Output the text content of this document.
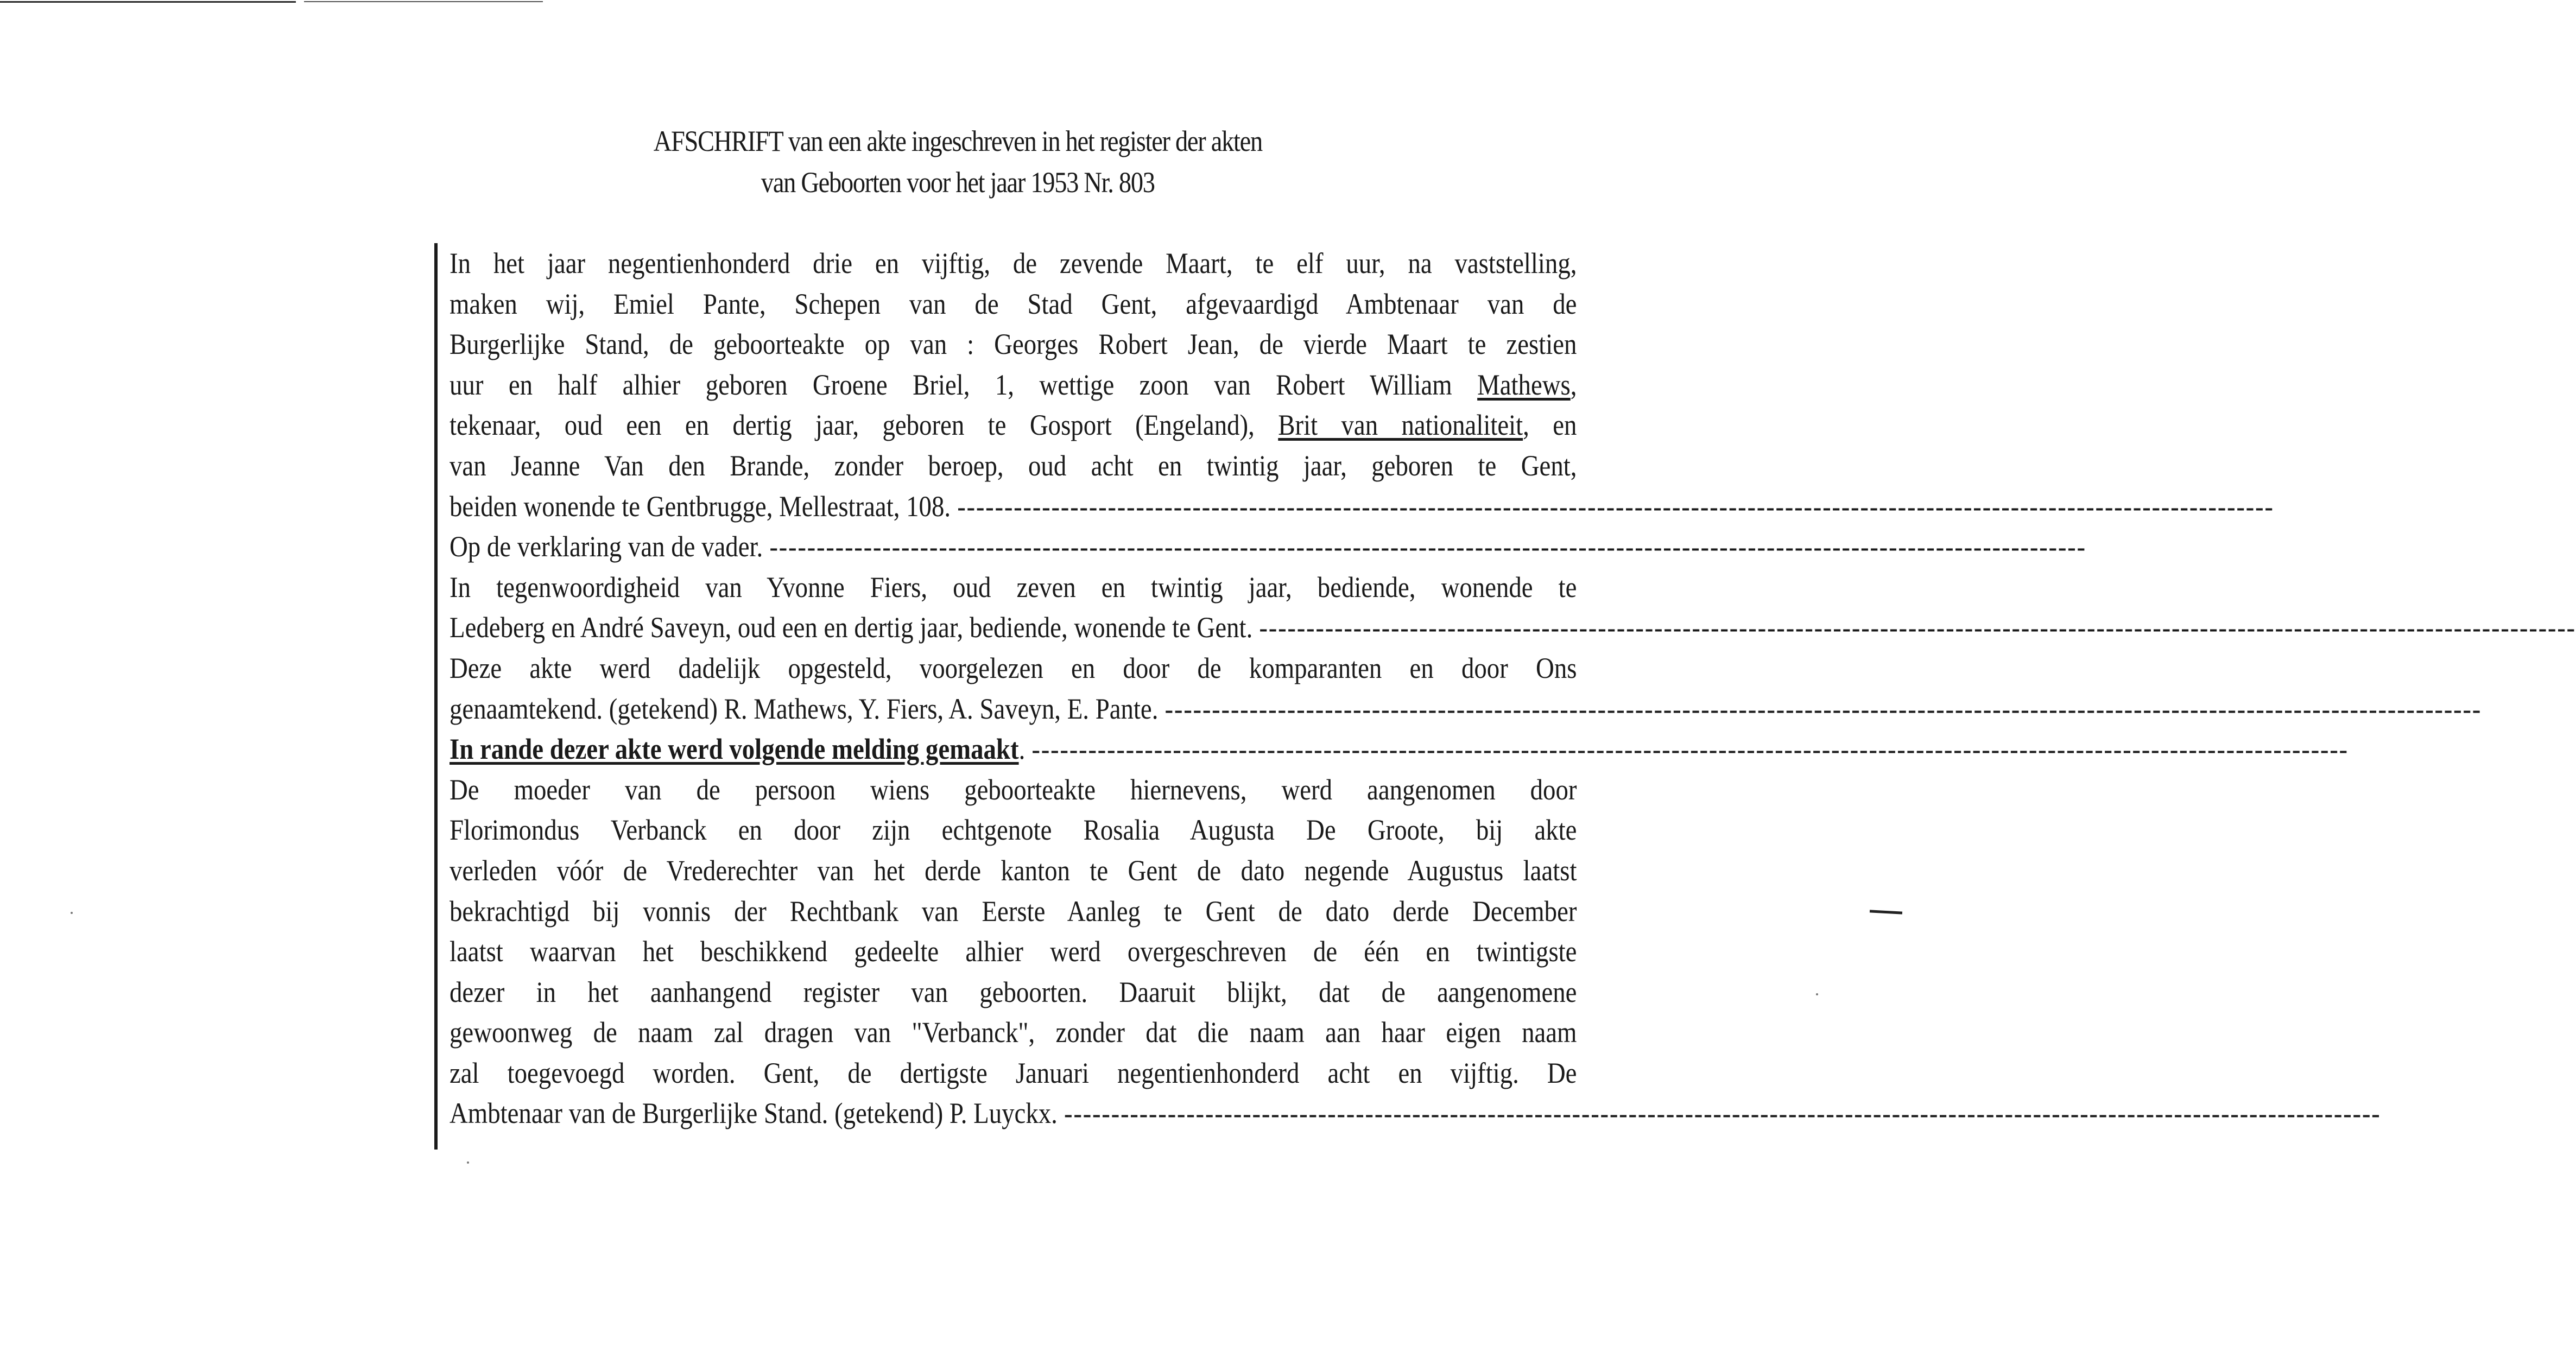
AFSCHRIFT van een akte ingeschreven in het register der akten
van Geboorten voor het jaar 1953 Nr. 803
In het jaar negentienhonderd drie en vijftig, de zevende Maart, te elf uur, na vaststelling,
maken wij, Emiel Pante, Schepen van de Stad Gent, afgevaardigd Ambtenaar van de
Burgerlijke Stand, de geboorteakte op van : Georges Robert Jean, de vierde Maart te zestien
uur en half alhier geboren Groene Briel, 1, wettige zoon van Robert William Mathews,
tekenaar, oud een en dertig jaar, geboren te Gosport (Engeland), Brit van nationaliteit, en
van Jeanne Van den Brande, zonder beroep, oud acht en twintig jaar, geboren te Gent,
beiden wonende te Gentbrugge, Mellestraat, 108. --------------------------------------------------------------------------------------------------------------------------------------------
Op de verklaring van de vader. --------------------------------------------------------------------------------------------------------------------------------------------
In tegenwoordigheid van Yvonne Fiers, oud zeven en twintig jaar, bediende, wonende te
Ledeberg en André Saveyn, oud een en dertig jaar, bediende, wonende te Gent. --------------------------------------------------------------------------------------------------------------------------------------------
Deze akte werd dadelijk opgesteld, voorgelezen en door de komparanten en door Ons
genaamtekend. (getekend) R. Mathews, Y. Fiers, A. Saveyn, E. Pante. --------------------------------------------------------------------------------------------------------------------------------------------
In rande dezer akte werd volgende melding gemaakt . --------------------------------------------------------------------------------------------------------------------------------------------
De moeder van de persoon wiens geboorteakte hiernevens, werd aangenomen door
Florimondus Verbanck en door zijn echtgenote Rosalia Augusta De Groote, bij akte
verleden vóór de Vrederechter van het derde kanton te Gent de dato negende Augustus laatst
bekrachtigd bij vonnis der Rechtbank van Eerste Aanleg te Gent de dato derde December
laatst waarvan het beschikkend gedeelte alhier werd overgeschreven de één en twintigste
dezer in het aanhangend register van geboorten. Daaruit blijkt, dat de aangenomene
gewoonweg de naam zal dragen van "Verbanck", zonder dat die naam aan haar eigen naam
zal toegevoegd worden. Gent, de dertigste Januari negentienhonderd acht en vijftig. De
Ambtenaar van de Burgerlijke Stand. (getekend) P. Luyckx. --------------------------------------------------------------------------------------------------------------------------------------------
